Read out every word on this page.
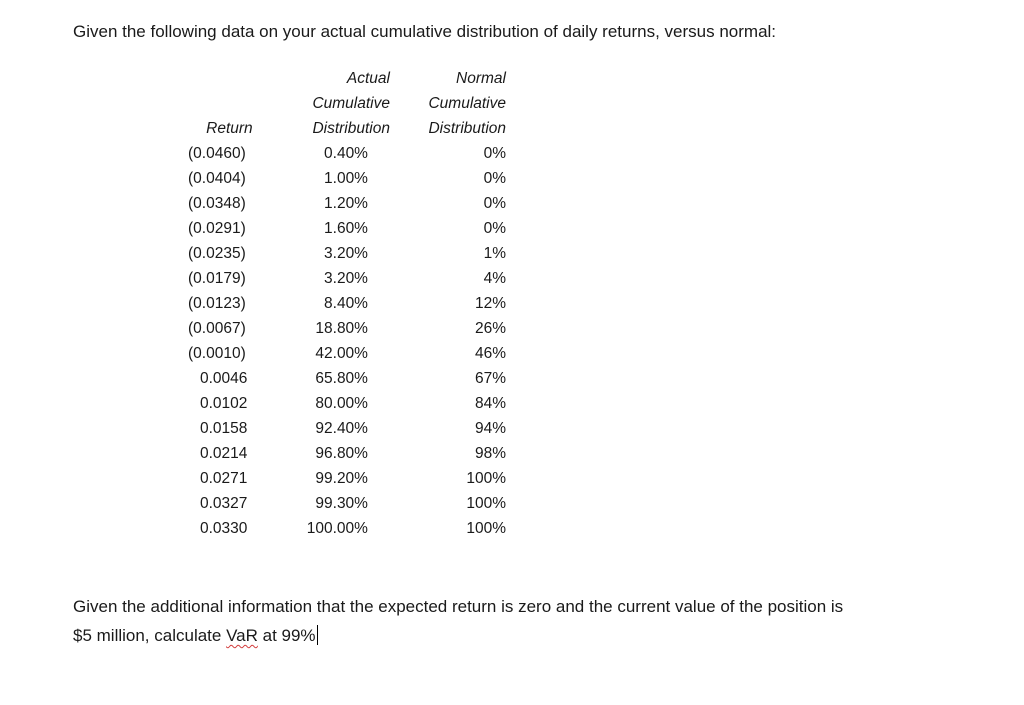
Given the following data on your actual cumulative distribution of daily returns, versus normal:

	Actual	Normal
	Cumulative	Cumulative
Return	Distribution	Distribution
(0.0460)	0.40%	0%
(0.0404)	1.00%	0%
(0.0348)	1.20%	0%
(0.0291)	1.60%	0%
(0.0235)	3.20%	1%
(0.0179)	3.20%	4%
(0.0123)	8.40%	12%
(0.0067)	18.80%	26%
(0.0010)	42.00%	46%
0.0046	65.80%	67%
0.0102	80.00%	84%
0.0158	92.40%	94%
0.0214	96.80%	98%
0.0271	99.20%	100%
0.0327	99.30%	100%
0.0330	100.00%	100%

Given the additional information that the expected return is zero and the current value of the position is
$5 million, calculate VaR at 99%
